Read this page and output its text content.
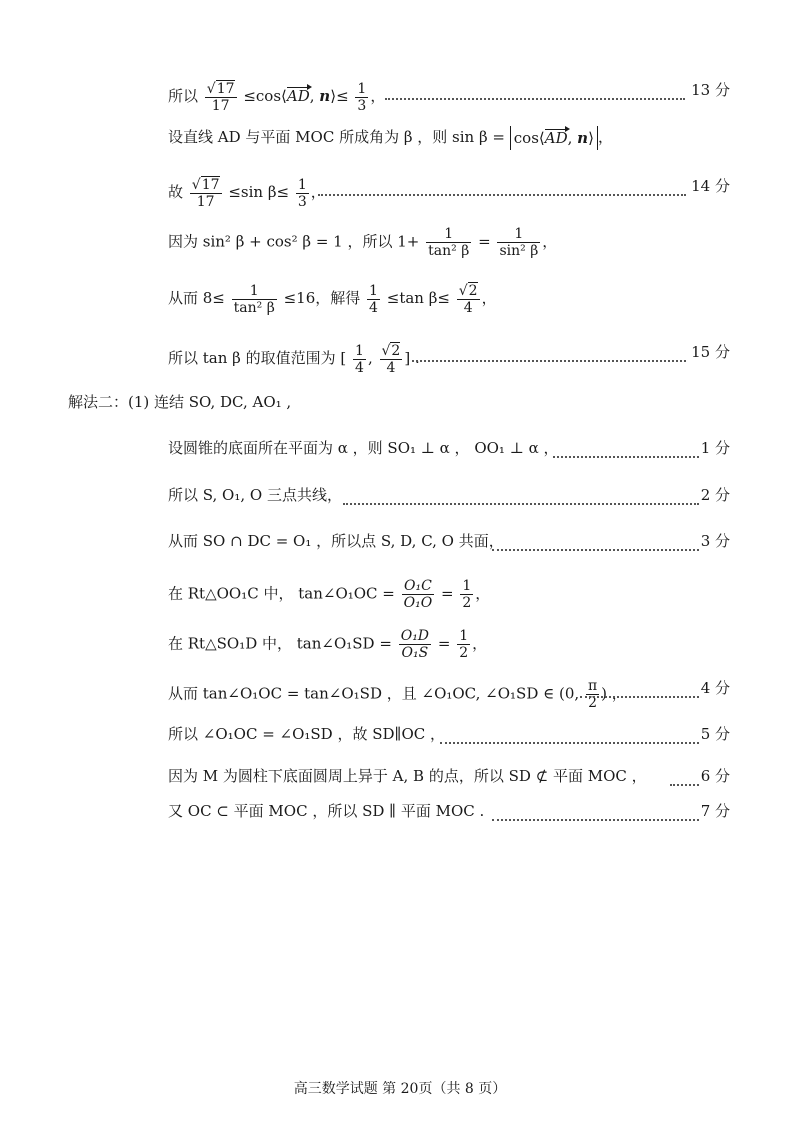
所以 $\frac{√17}{17}$ ≤cos⟨AD, n⟩≤ $\frac{1}{3}$ ，	13 分
设直线 AD 与平面 MOC 所成角为 β ，则 sin β = cos⟨AD, n⟩ ，
故 $\frac{√17}{17} \le\sin$ $\beta\le \frac{1}{3}$ ，	14 分
因为 sin² β + cos² β = 1 ，所以 $1+ \frac{1}{\text{tan² β}} = \frac{1}{\text{sin² β}}$ ，
从而 $8\le \frac{1}{\text{tan² β}} \le 16$，解得 $\frac{1}{4} \le\tan$ $\beta\le \frac{√2}{4}$ ，
所以 tan β 的取值范围为 [ $\frac{1}{4}$ , $\frac{√2}{4}$ ] .	15 分
解法二：(1) 连结 SO, DC, AO₁ ,
设圆锥的底面所在平面为 α ，则 SO₁ ⊥ α ， OO₁ ⊥ α ，	1 分
所以 S, O₁, O 三点共线，	2 分
从而 SO ∩ DC = O₁ ，所以点 S, D, C, O 共面，	3 分
在 Rt△OO₁C 中， tan∠O₁OC = $\frac{\text{O₁C}}{\text{O₁O}} = \frac{1}{2}$ ，
在 Rt△SO₁D 中， tan∠O₁SD = $\frac{\text{O₁D}}{\text{O₁S}} = \frac{1}{2}$ ，
从而 tan∠O₁OC = tan∠O₁SD ，且 ∠O₁OC, ∠O₁SD ∈ (0, $\frac{\pi}{2}$ ) ，	4 分
所以 ∠O₁OC = ∠O₁SD ，故 SD∥OC ，	5 分
因为 M 为圆柱下底面圆周上异于 A, B 的点，所以 SD ⊄ 平面 MOC ，	6 分
又 OC ⊂ 平面 MOC ，所以 SD ∥ 平面 MOC .	7 分
高三数学试题 第 20页（共 8 页）
